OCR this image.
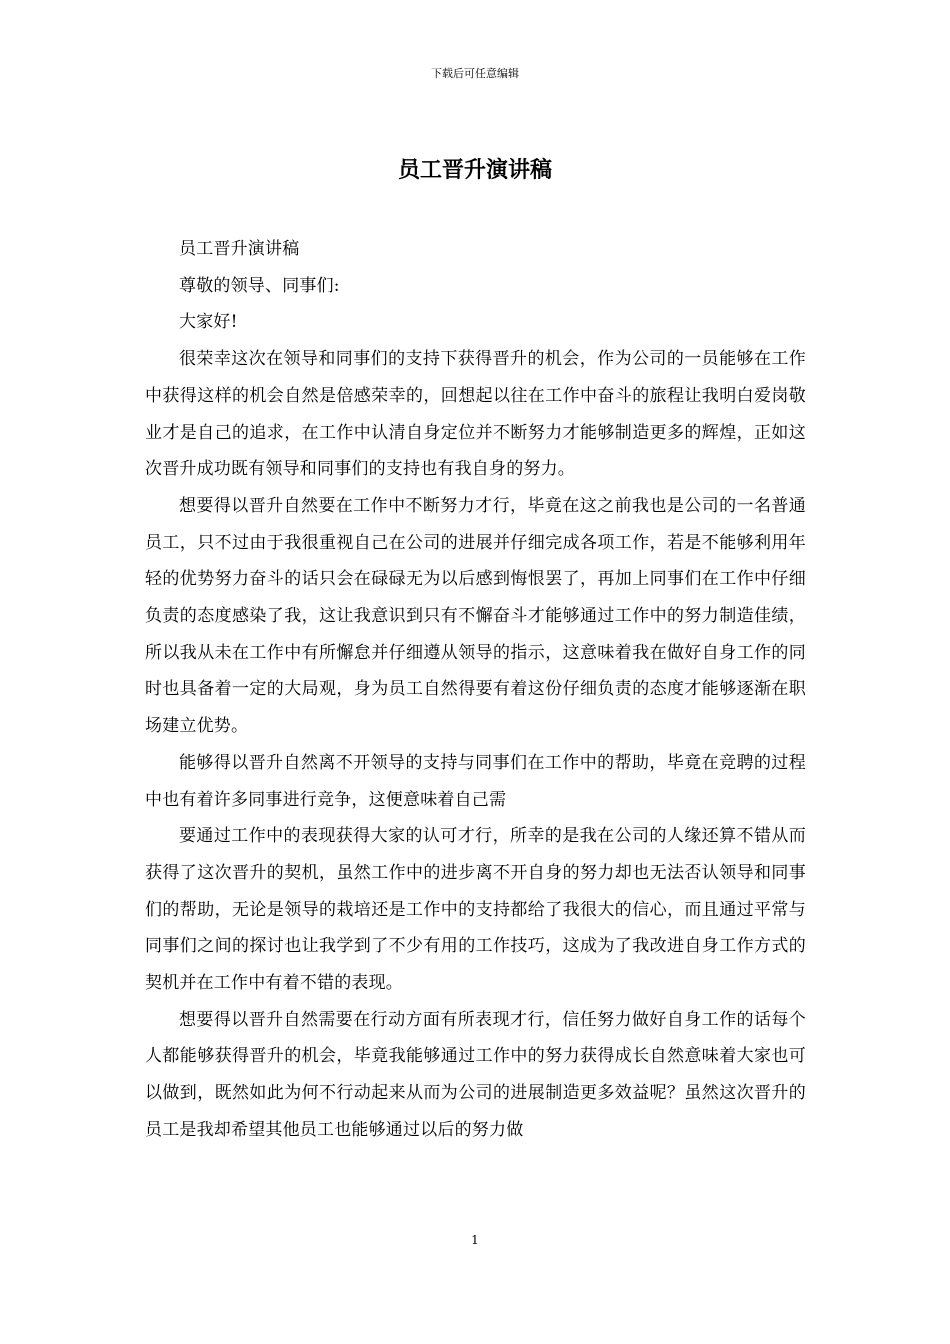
下载后可任意编辑
员工晋升演讲稿

员工晋升演讲稿

尊敬的领导、同事们:

大家好!

很荣幸这次在领导和同事们的支持下获得晋升的机会，作为公司的一员能够在工作中获得这样的机会自然是倍感荣幸的，回想起以往在工作中奋斗的旅程让我明白爱岗敬业才是自己的追求，在工作中认清自身定位并不断努力才能够制造更多的辉煌，正如这次晋升成功既有领导和同事们的支持也有我自身的努力。

想要得以晋升自然要在工作中不断努力才行，毕竟在这之前我也是公司的一名普通员工，只不过由于我很重视自己在公司的进展并仔细完成各项工作，若是不能够利用年轻的优势努力奋斗的话只会在碌碌无为以后感到悔恨罢了，再加上同事们在工作中仔细负责的态度感染了我，这让我意识到只有不懈奋斗才能够通过工作中的努力制造佳绩，所以我从未在工作中有所懈怠并仔细遵从领导的指示，这意味着我在做好自身工作的同时也具备着一定的大局观，身为员工自然得要有着这份仔细负责的态度才能够逐渐在职场建立优势。

能够得以晋升自然离不开领导的支持与同事们在工作中的帮助，毕竟在竞聘的过程中也有着许多同事进行竞争，这便意味着自己需

要通过工作中的表现获得大家的认可才行，所幸的是我在公司的人缘还算不错从而获得了这次晋升的契机，虽然工作中的进步离不开自身的努力却也无法否认领导和同事们的帮助，无论是领导的栽培还是工作中的支持都给了我很大的信心，而且通过平常与同事们之间的探讨也让我学到了不少有用的工作技巧，这成为了我改进自身工作方式的契机并在工作中有着不错的表现。

想要得以晋升自然需要在行动方面有所表现才行，信任努力做好自身工作的话每个人都能够获得晋升的机会，毕竟我能够通过工作中的努力获得成长自然意味着大家也可以做到，既然如此为何不行动起来从而为公司的进展制造更多效益呢？虽然这次晋升的员工是我却希望其他员工也能够通过以后的努力做

1
